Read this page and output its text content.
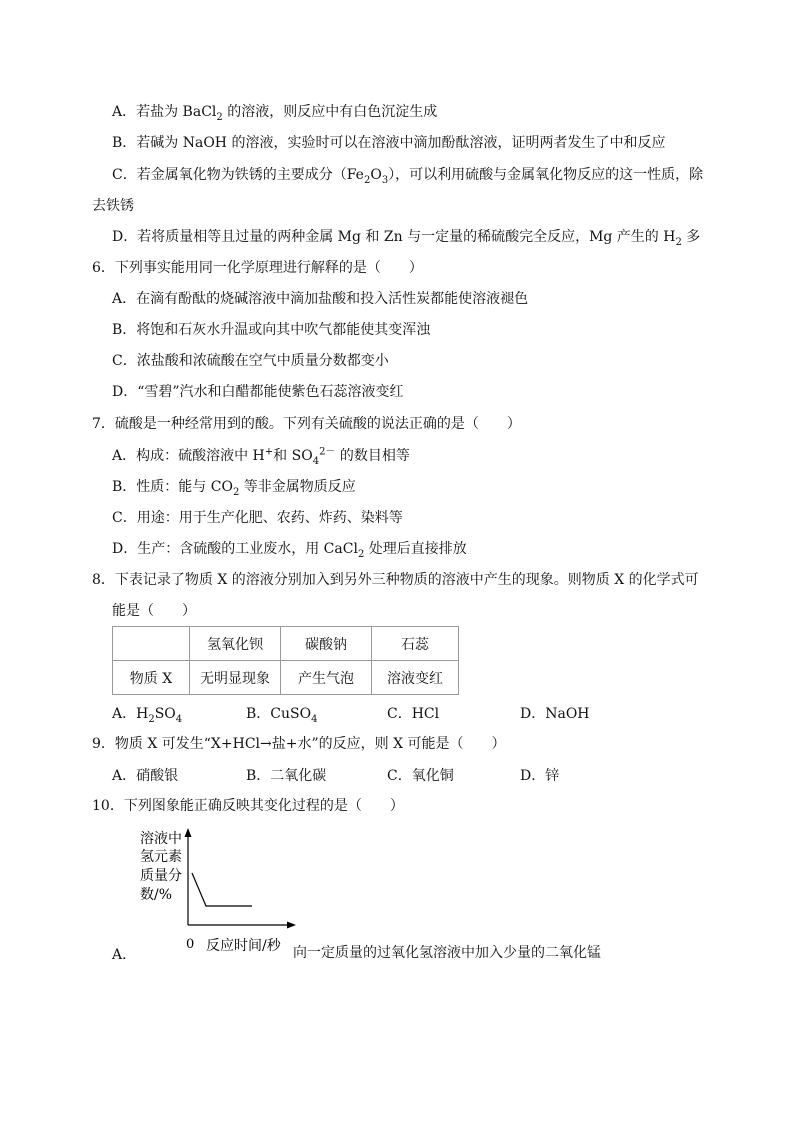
A．若盐为 BaCl$_2$ 的溶液，则反应中有白色沉淀生成
B．若碱为 NaOH 的溶液，实验时可以在溶液中滴加酚酞溶液，证明两者发生了中和反应
C．若金属氧化物为铁锈的主要成分$(Fe_2O_3)$，可以利用硫酸与金属氧化物反应的这一性质，除
去铁锈
D．若将质量相等且过量的两种金属 Mg 和 Zn 与一定量的稀硫酸完全反应，Mg 产生的 $H_2$ 多
6．下列事实能用同一化学原理进行解释的是（　　）
A．在滴有酚酞的烧碱溶液中滴加盐酸和投入活性炭都能使溶液褪色
B．将饱和石灰水升温或向其中吹气都能使其变浑浊
C．浓盐酸和浓硫酸在空气中质量分数都变小
D．“雪碧”汽水和白醋都能使紫色石蕊溶液变红
7．硫酸是一种经常用到的酸。下列有关硫酸的说法正确的是（　　）
A．构成：硫酸溶液中 H+和 $SO_4^{2-}$ 的数目相等
B．性质：能与 $CO_2$ 等非金属物质反应
C．用途：用于生产化肥、农药、炸药、染料等
D．生产：含硫酸的工业废水，用 CaCl$_2$ 处理后直接排放
8．下表记录了物质 X 的溶液分别加入到另外三种物质的溶液中产生的现象。则物质 X 的化学式可
能是（　　）
	氢氧化钡	碳酸钠	石蕊
物质 X	无明显现象	产生气泡	溶液变红
A．$H_2SO_4$	B．CuSO$_4$	C．HCl	D．NaOH
9．物质 X 可发生“X+HCl→盐+水”的反应，则 X 可能是（　　）
A．硝酸银	B．二氧化碳	C．氧化铜	D．锌
10．下列图象能正确反映其变化过程的是（　　）
A．
溶液中
氢元素
质量分
数/%
0 反应时间/秒 向一定质量的过氧化氢溶液中加入少量的二氧化锰
